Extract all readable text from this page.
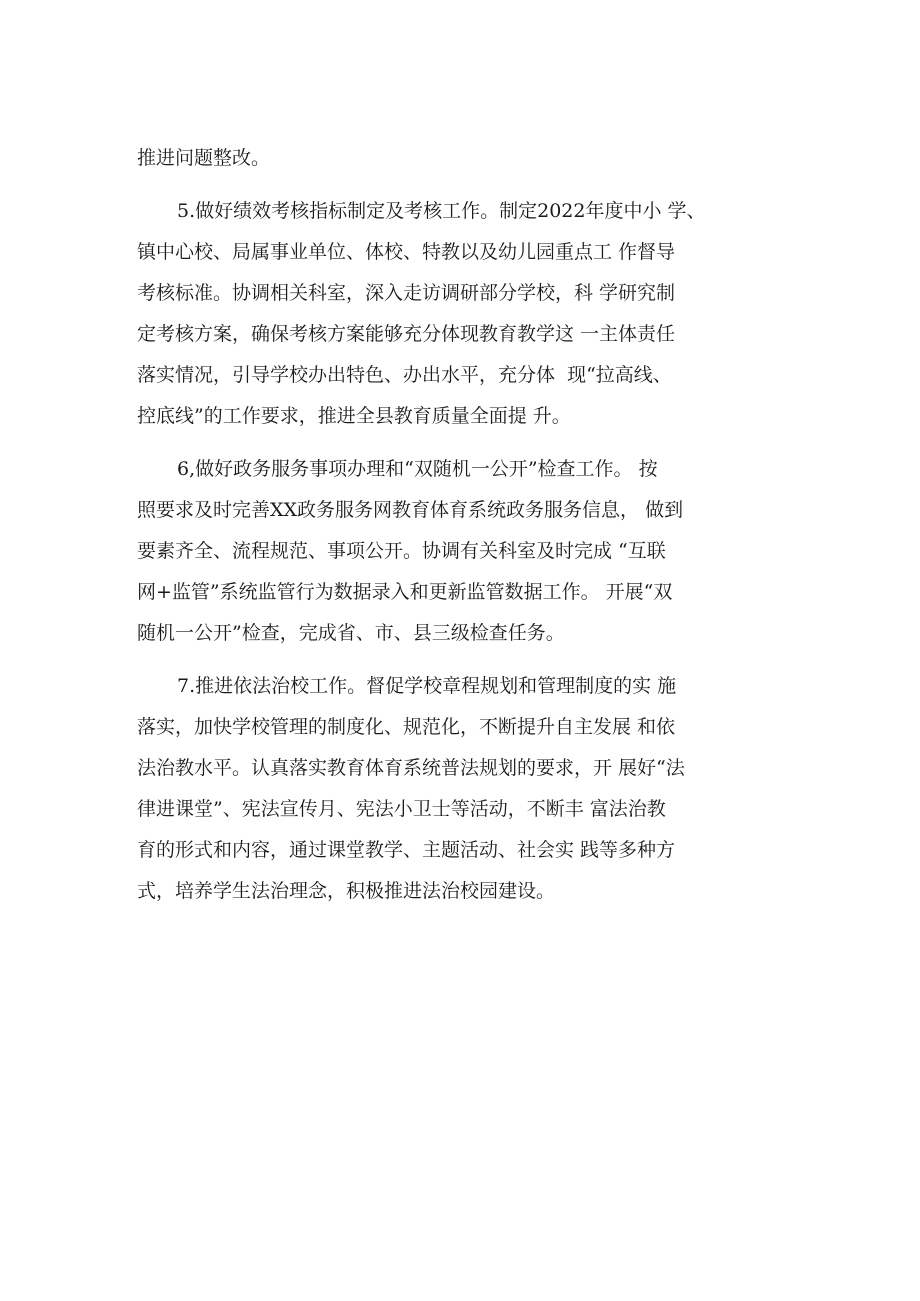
推进问题整改。
5.做好绩效考核指标制定及考核工作。制定2022年度中小 学、
镇中心校、局属事业单位、体校、特教以及幼儿园重点工 作督导
考核标准。协调相关科室，深入走访调研部分学校，科 学研究制
定考核方案，确保考核方案能够充分体现教育教学这 一主体责任
落实情况，引导学校办出特色、办出水平，充分体  现“拉高线、
控底线”的工作要求，推进全县教育质量全面提 升。
6,做好政务服务事项办理和“双随机一公开”检查工作。 按
照要求及时完善XX政务服务网教育体育系统政务服务信息， 做到
要素齐全、流程规范、事项公开。协调有关科室及时完成 “互联
网+监管”系统监管行为数据录入和更新监管数据工作。 开展“双
随机一公开”检查，完成省、市、县三级检查任务。
7.推进依法治校工作。督促学校章程规划和管理制度的实 施
落实，加快学校管理的制度化、规范化，不断提升自主发展 和依
法治教水平。认真落实教育体育系统普法规划的要求，开 展好“法
律进课堂”、宪法宣传月、宪法小卫士等活动，不断丰 富法治教
育的形式和内容，通过课堂教学、主题活动、社会实 践等多种方
式，培养学生法治理念，积极推进法治校园建设。
